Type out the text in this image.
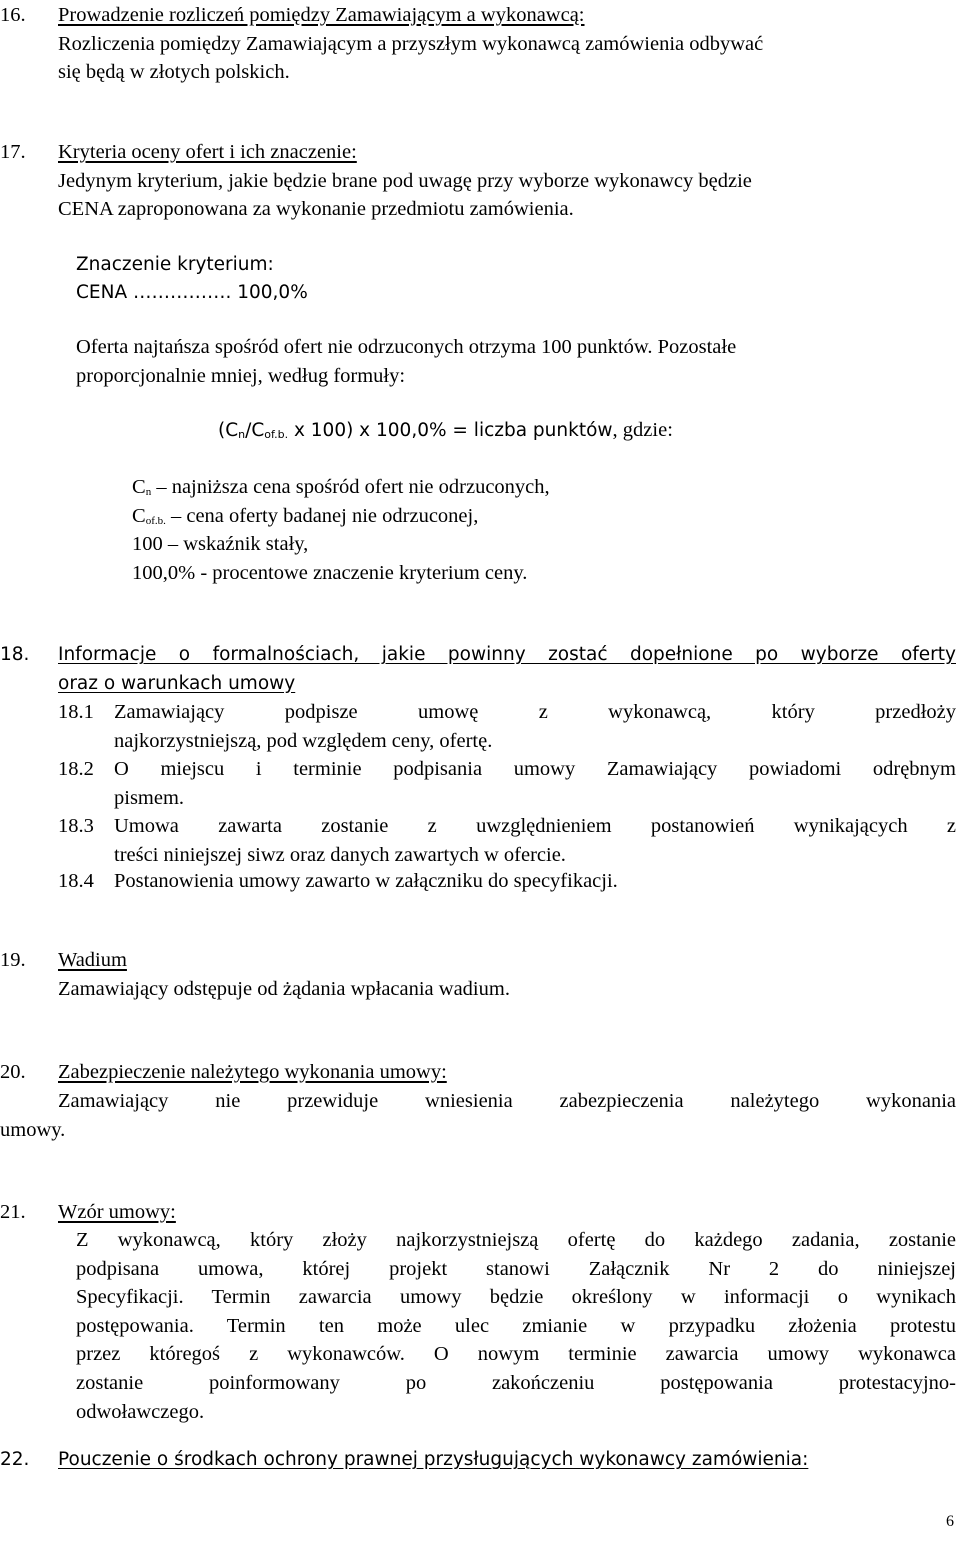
16. Prowadzenie rozliczeń pomiędzy Zamawiającym a wykonawcą:
Rozliczenia pomiędzy Zamawiającym a przyszłym wykonawcą zamówienia odbywać
się będą w złotych polskich.
17. Kryteria oceny ofert i ich znaczenie:
Jedynym kryterium, jakie będzie brane pod uwagę przy wyborze wykonawcy będzie
CENA zaproponowana za wykonanie przedmiotu zamówienia.
Znaczenie kryterium:
CENA ……………. 100,0%
Oferta najtańsza spośród ofert nie odrzuconych otrzyma 100 punktów. Pozostałe
proporcjonalnie mniej, według formuły:
($C_n/C_{of.b.}$ x 100) x 100,0% = liczba punktów, gdzie:
$C_n$ – najniższa cena spośród ofert nie odrzuconych,
$C_{of.b.}$ – cena oferty badanej nie odrzuconej,
100 – wskaźnik stały,
100,0% - procentowe znaczenie kryterium ceny.
18. Informacje o formalnościach, jakie powinny zostać dopełnione po wyborze oferty
oraz o warunkach umowy
18.1 Zamawiający podpisze umowę z wykonawcą, który przedłoży
najkorzystniejszą, pod względem ceny, ofertę.
18.2 O miejscu i terminie podpisania umowy Zamawiający powiadomi odrębnym
pismem.
18.3 Umowa zawarta zostanie z uwzględnieniem postanowień wynikających z
treści niniejszej siwz oraz danych zawartych w ofercie.
18.4 Postanowienia umowy zawarto w załączniku do specyfikacji.
19. Wadium
Zamawiający odstępuje od żądania wpłacania wadium.
20. Zabezpieczenie należytego wykonania umowy:
Zamawiający nie przewiduje wniesienia zabezpieczenia należytego wykonania
umowy.
21. Wzór umowy:
Z wykonawcą, który złoży najkorzystniejszą ofertę do każdego zadania, zostanie
podpisana umowa, której projekt stanowi Załącznik Nr 2 do niniejszej
Specyfikacji. Termin zawarcia umowy będzie określony w informacji o wynikach
postępowania. Termin ten może ulec zmianie w przypadku złożenia protestu
przez któregoś z wykonawców. O nowym terminie zawarcia umowy wykonawca
zostanie poinformowany po zakończeniu postępowania protestacyjno-
odwoławczego.
22. Pouczenie o środkach ochrony prawnej przysługujących wykonawcy zamówienia:
6
